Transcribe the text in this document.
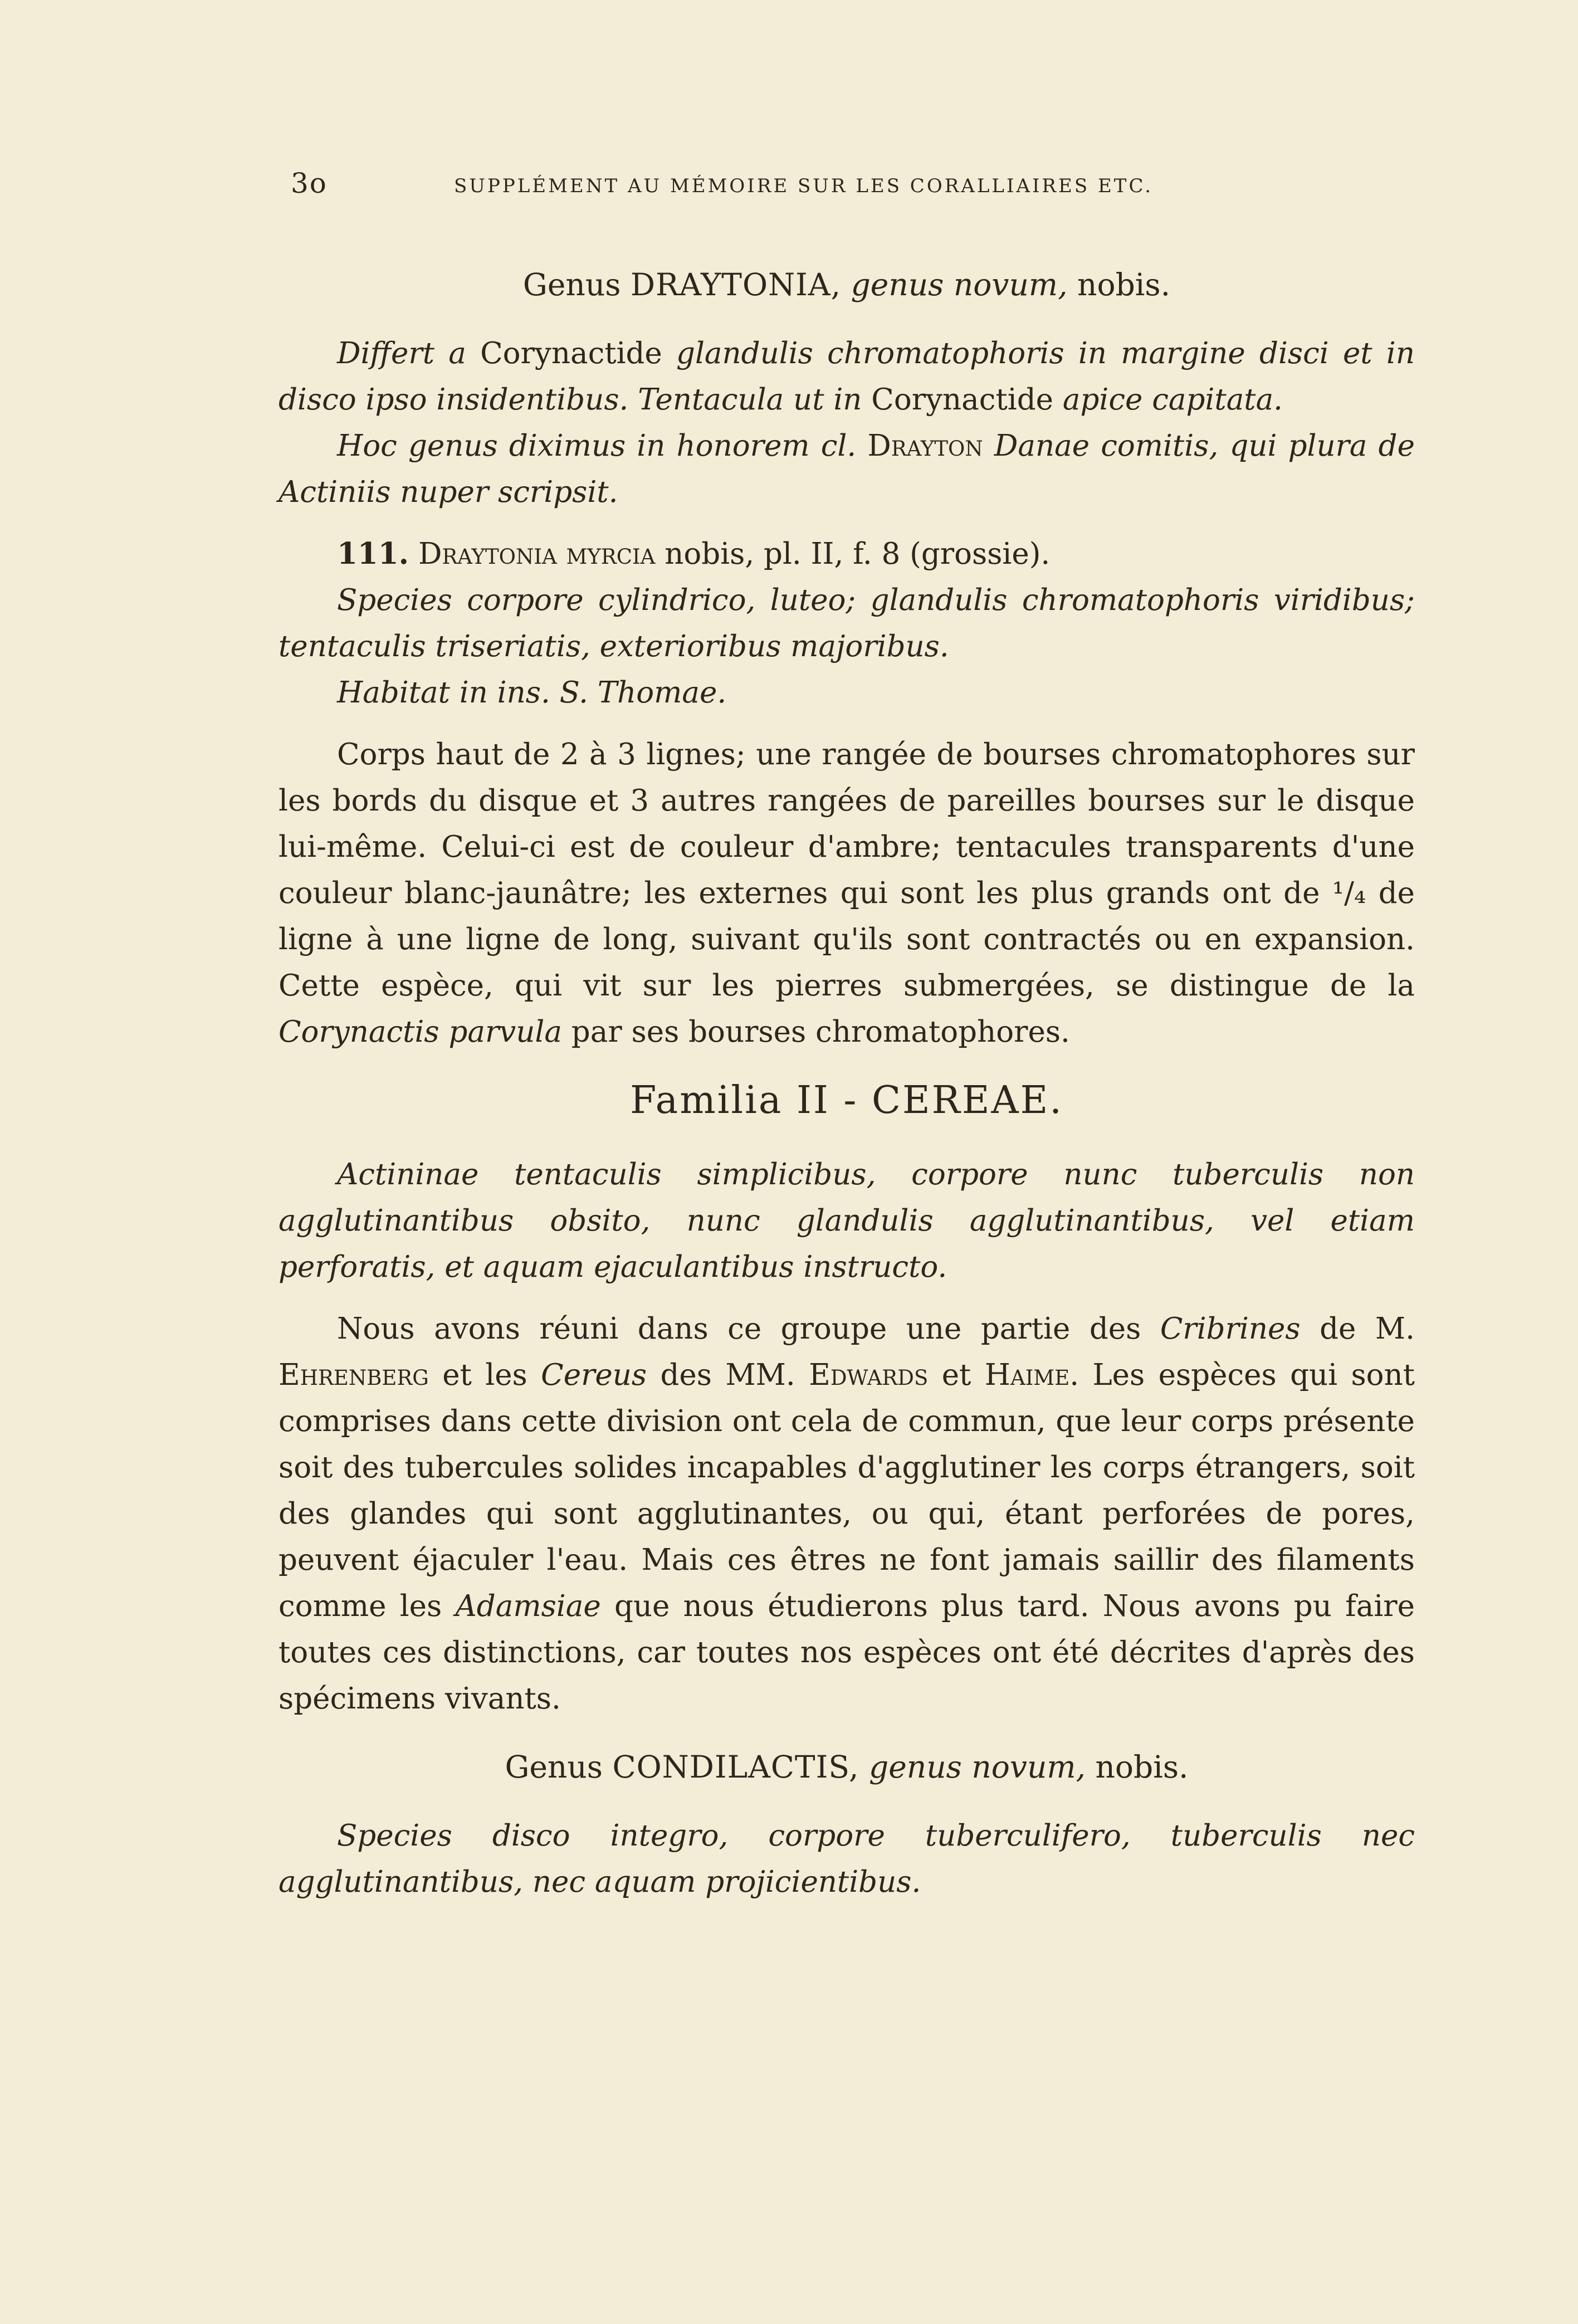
3o	SUPPLÉMENT AU MÉMOIRE SUR LES CORALLIAIRES ETC.
Genus DRAYTONIA, genus novum, nobis.

Differt a Corynactide glandulis chromatophoris in margine disci et in disco ipso insidentibus. Tentacula ut in Corynactide apice capitata.
Hoc genus diximus in honorem cl. Drayton Danae comitis, qui plura de Actiniis nuper scripsit.

111. Draytonia myrcia nobis, pl. II, f. 8 (grossie).
Species corpore cylindrico, luteo; glandulis chromatophoris viridibus; tentaculis triseriatis, exterioribus majoribus.
Habitat in ins. S. Thomae.

Corps haut de 2 à 3 lignes; une rangée de bourses chromatophores sur les bords du disque et 3 autres rangées de pareilles bourses sur le disque lui-même. Celui-ci est de couleur d'ambre; tentacules transparents d'une couleur blanc-jaunâtre; les externes qui sont les plus grands ont de ¹/₄ de ligne à une ligne de long, suivant qu'ils sont contractés ou en expansion. Cette espèce, qui vit sur les pierres submergées, se distingue de la Corynactis parvula par ses bourses chromatophores.

Familia II - CEREAE.

Actininae tentaculis simplicibus, corpore nunc tuberculis non agglutinantibus obsito, nunc glandulis agglutinantibus, vel etiam perforatis, et aquam ejaculantibus instructo.

Nous avons réuni dans ce groupe une partie des Cribrines de M. Ehrenberg et les Cereus des MM. Edwards et Haime. Les espèces qui sont comprises dans cette division ont cela de commun, que leur corps présente soit des tubercules solides incapables d'agglutiner les corps étrangers, soit des glandes qui sont agglutinantes, ou qui, étant perforées de pores, peuvent éjaculer l'eau. Mais ces êtres ne font jamais saillir des filaments comme les Adamsiae que nous étudierons plus tard. Nous avons pu faire toutes ces distinctions, car toutes nos espèces ont été décrites d'après des spécimens vivants.

Genus CONDILACTIS, genus novum, nobis.

Species disco integro, corpore tuberculifero, tuberculis nec agglutinantibus, nec aquam projicientibus.
